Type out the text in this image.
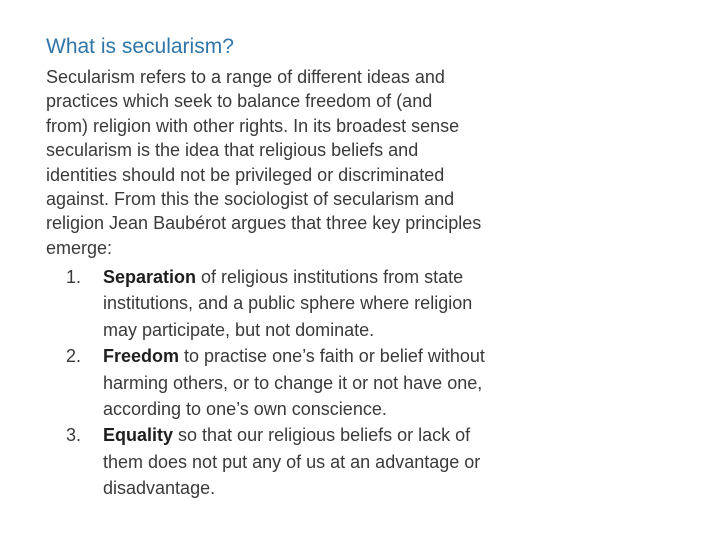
What is secularism?

Secularism refers to a range of different ideas and
practices which seek to balance freedom of (and
from) religion with other rights. In its broadest sense
secularism is the idea that religious beliefs and
identities should not be privileged or discriminated
against. From this the sociologist of secularism and
religion Jean Baubérot argues that three key principles
emerge:

1. Separation of religious institutions from state
institutions, and a public sphere where religion
may participate, but not dominate.
2. Freedom to practise one’s faith or belief without
harming others, or to change it or not have one,
according to one’s own conscience.
3. Equality so that our religious beliefs or lack of
them does not put any of us at an advantage or
disadvantage.
